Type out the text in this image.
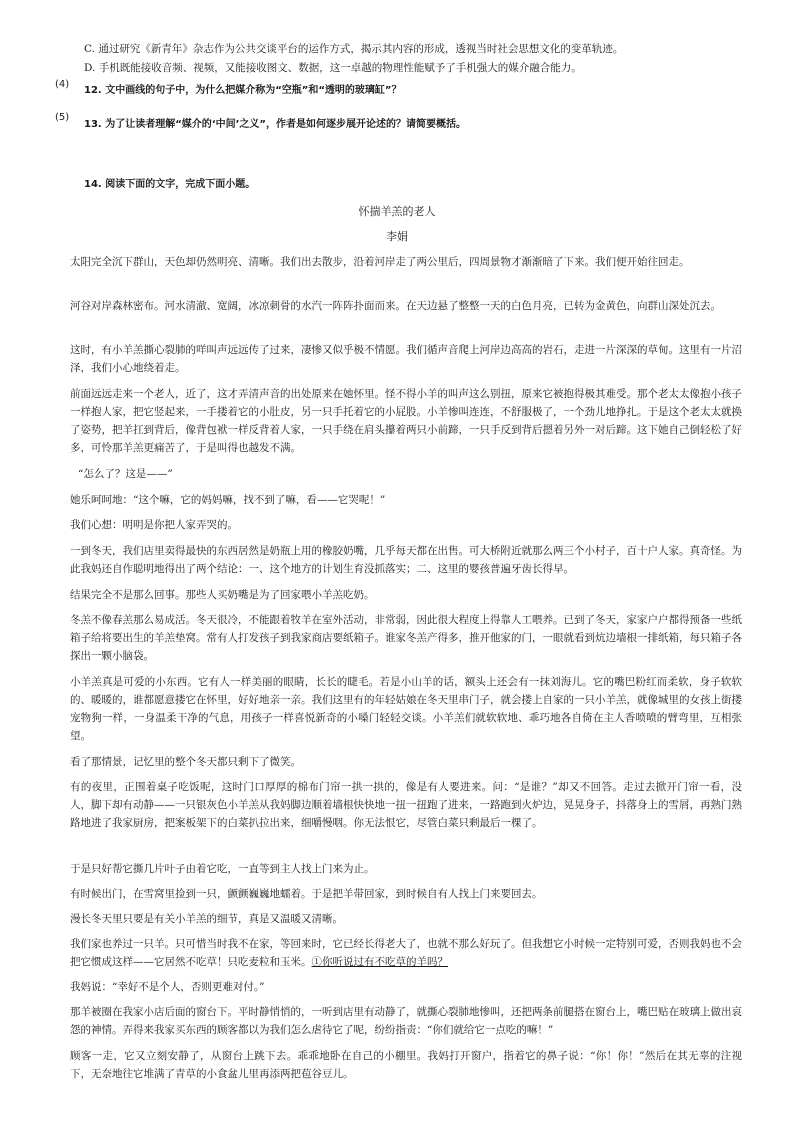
C. 通过研究《新青年》杂志作为公共交谈平台的运作方式，揭示其内容的形成，透视当时社会思想文化的变革轨迹。
D. 手机既能接收音频、视频，又能接收图文、数据，这一卓越的物理性能赋予了手机强大的媒介融合能力。
(4)
12. 文中画线的句子中，为什么把媒介称为“空瓶”和“透明的玻璃缸”？
(5)
13. 为了让读者理解“媒介的‘中间’之义”，作者是如何逐步展开论述的？请简要概括。
14. 阅读下面的文字，完成下面小题。
怀揣羊羔的老人
李娟
太阳完全沉下群山，天色却仍然明亮、清晰。我们出去散步，沿着河岸走了两公里后，四周景物才渐渐暗了下来。我们便开始往回走。
河谷对岸森林密布。河水清澈、宽阔，冰凉刺骨的水汽一阵阵扑面而来。在天边悬了整整一天的白色月亮，已转为金黄色，向群山深处沉去。
这时，有小羊羔撕心裂肺的咩叫声远远传了过来，凄惨又似乎极不情愿。我们循声音爬上河岸边高高的岩石，走进一片深深的草甸。这里有一片沼泽，我们小心地绕着走。
前面远远走来一个老人，近了，这才弄清声音的出处原来在她怀里。怪不得小羊的叫声这么别扭，原来它被抱得极其难受。那个老太太像抱小孩子一样抱人家，把它竖起来，一手搂着它的小肚皮，另一只手托着它的小屁股。小羊惨叫连连，不舒服极了，一个劲儿地挣扎。于是这个老太太就换了姿势，把羊扛到背后，像背包袱一样反背着人家，一只手绕在肩头攥着两只小前蹄，一只手反到背后摁着另外一对后蹄。这下她自己倒轻松了好多，可怜那羊羔更痛苦了，于是叫得也越发不满。
“怎么了？这是——”
她乐呵呵地：“这个嘛，它的妈妈嘛，找不到了嘛，看——它哭呢！”
我们心想：明明是你把人家弄哭的。
一到冬天，我们店里卖得最快的东西居然是奶瓶上用的橡胶奶嘴，几乎每天都在出售。可大桥附近就那么两三个小村子，百十户人家。真奇怪。为此我妈还自作聪明地得出了两个结论：一、这个地方的计划生育没抓落实；二、这里的婴孩普遍牙齿长得早。
结果完全不是那么回事。那些人买奶嘴是为了回家喂小羊羔吃奶。
冬羔不像春羔那么易成活。冬天很冷，不能跟着牧羊在室外活动，非常弱，因此很大程度上得靠人工喂养。已到了冬天，家家户户都得预备一些纸箱子给将要出生的羊羔垫窝。常有人打发孩子到我家商店要纸箱子。谁家冬羔产得多，推开他家的门，一眼就看到炕边墙根一排纸箱，每只箱子各探出一颗小脑袋。
小羊羔真是可爱的小东西。它有人一样美丽的眼睛，长长的睫毛。若是小山羊的话，额头上还会有一抹刘海儿。它的嘴巴粉红而柔软，身子软软的、暖暖的，谁都愿意搂它在怀里，好好地亲一亲。我们这里有的年轻姑娘在冬天里串门子，就会搂上自家的一只小羊羔，就像城里的女孩上街搂宠物狗一样，一身温柔干净的气息，用孩子一样喜悦新奇的小嗓门轻轻交谈。小羊羔们就软软地、乖巧地各自倚在主人香喷喷的臂弯里，互相张望。
看了那情景，记忆里的整个冬天都只剩下了微笑。
有的夜里，正围着桌子吃饭呢，这时门口厚厚的棉布门帘一拱一拱的，像是有人要进来。问：“是谁？”却又不回答。走过去掀开门帘一看，没人，脚下却有动静——一只银灰色小羊羔从我妈脚边顺着墙根快快地一扭一扭跑了进来，一路跑到火炉边，晃晃身子，抖落身上的雪屑，再熟门熟路地进了我家厨房，把案板架下的白菜扒拉出来，细嚼慢咽。你无法恨它，尽管白菜只剩最后一棵了。
于是只好帮它撕几片叶子由着它吃，一直等到主人找上门来为止。
有时候出门，在雪窝里捡到一只，颤颤巍巍地蠕着。于是把羊带回家，到时候自有人找上门来要回去。
漫长冬天里只要是有关小羊羔的细节，真是又温暖又清晰。
我们家也养过一只羊。只可惜当时我不在家，等回来时，它已经长得老大了，也就不那么好玩了。但我想它小时候一定特别可爱，否则我妈也不会把它惯成这样——它居然不吃草！只吃麦粒和玉米。①你听说过有不吃草的羊吗？
我妈说：“幸好不是个人，否则更难对付。”
那羊被圈在我家小店后面的窗台下。平时静悄悄的，一听到店里有动静了，就撕心裂肺地惨叫，还把两条前腿搭在窗台上，嘴巴贴在玻璃上做出哀怨的神情。弄得来我家买东西的顾客都以为我们怎么虐待它了呢，纷纷指责：“你们就给它一点吃的嘛！”
顾客一走，它又立刻安静了，从窗台上跳下去。乖乖地卧在自己的小棚里。我妈打开窗户，指着它的鼻子说：“你！你！”然后在其无辜的注视下，无奈地往它堆满了青草的小食盆儿里再添两把苞谷豆儿。
